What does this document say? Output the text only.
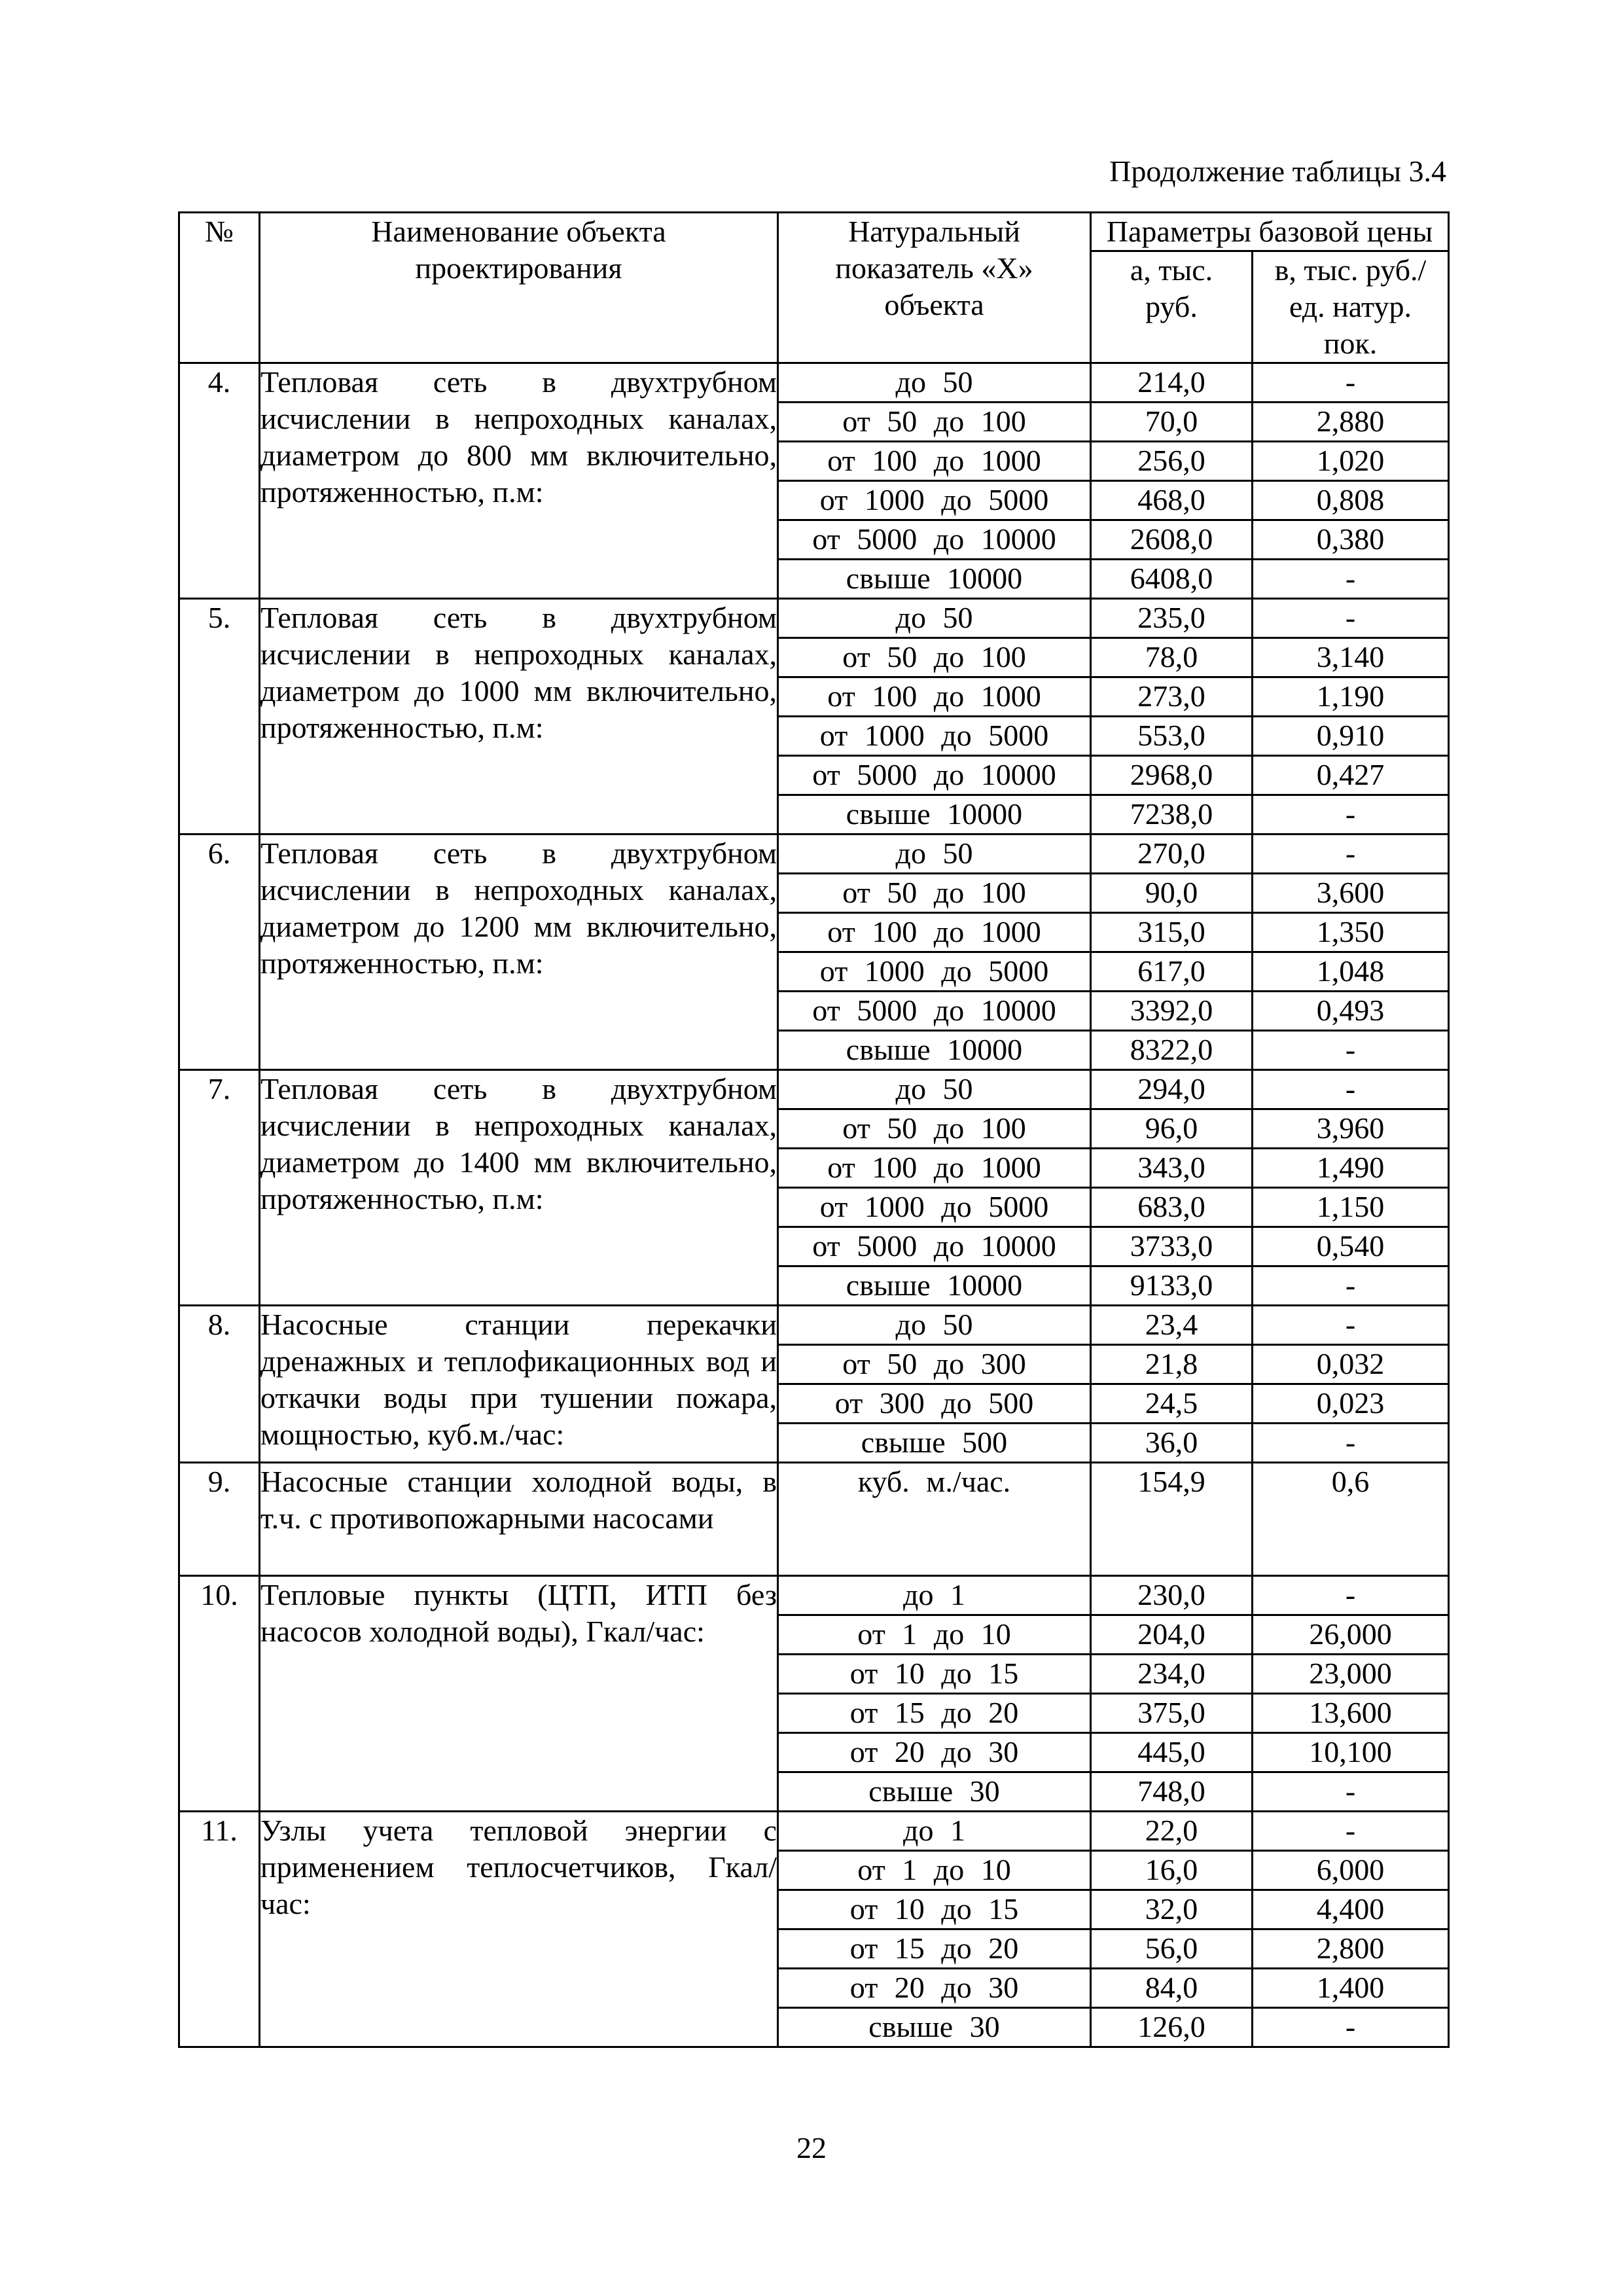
Продолжение таблицы 3.4
№	Наименование объекта проектирования	Натуральный показатель «Х» объекта	Параметры базовой цены	
			а, тыс. руб.	в, тыс. руб./ед. натур. пок.
4.	Тепловая сеть в двухтрубном исчислении в непроходных каналах, диаметром до 800 мм включительно, протяженностью, п.м:	до 50	214,0	-
		от 50 до 100	70,0	2,880
		от 100 до 1000	256,0	1,020
		от 1000 до 5000	468,0	0,808
		от 5000 до 10000	2608,0	0,380
		свыше 10000	6408,0	-
5.	Тепловая сеть в двухтрубном исчислении в непроходных каналах, диаметром до 1000 мм включительно, протяженностью, п.м:	до 50	235,0	-
		от 50 до 100	78,0	3,140
		от 100 до 1000	273,0	1,190
		от 1000 до 5000	553,0	0,910
		от 5000 до 10000	2968,0	0,427
		свыше 10000	7238,0	-
6.	Тепловая сеть в двухтрубном исчислении в непроходных каналах, диаметром до 1200 мм включительно, протяженностью, п.м:	до 50	270,0	-
		от 50 до 100	90,0	3,600
		от 100 до 1000	315,0	1,350
		от 1000 до 5000	617,0	1,048
		от 5000 до 10000	3392,0	0,493
		свыше 10000	8322,0	-
7.	Тепловая сеть в двухтрубном исчислении в непроходных каналах, диаметром до 1400 мм включительно, протяженностью, п.м:	до 50	294,0	-
		от 50 до 100	96,0	3,960
		от 100 до 1000	343,0	1,490
		от 1000 до 5000	683,0	1,150
		от 5000 до 10000	3733,0	0,540
		свыше 10000	9133,0	-
8.	Насосные станции перекачки дренажных и теплофикационных вод и откачки воды при тушении пожара, мощностью, куб.м./час:	до 50	23,4	-
		от 50 до 300	21,8	0,032
		от 300 до 500	24,5	0,023
		свыше 500	36,0	-
9.	Насосные станции холодной воды, в т.ч. с противопожарными насосами	куб. м./час.	154,9	0,6
10.	Тепловые пункты (ЦТП, ИТП без насосов холодной воды), Гкал/час:	до 1	230,0	-
		от 1 до 10	204,0	26,000
		от 10 до 15	234,0	23,000
		от 15 до 20	375,0	13,600
		от 20 до 30	445,0	10,100
		свыше 30	748,0	-
11.	Узлы учета тепловой энергии с применением теплосчетчиков, Гкал/час:	до 1	22,0	-
		от 1 до 10	16,0	6,000
		от 10 до 15	32,0	4,400
		от 15 до 20	56,0	2,800
		от 20 до 30	84,0	1,400
		свыше 30	126,0	-
22
